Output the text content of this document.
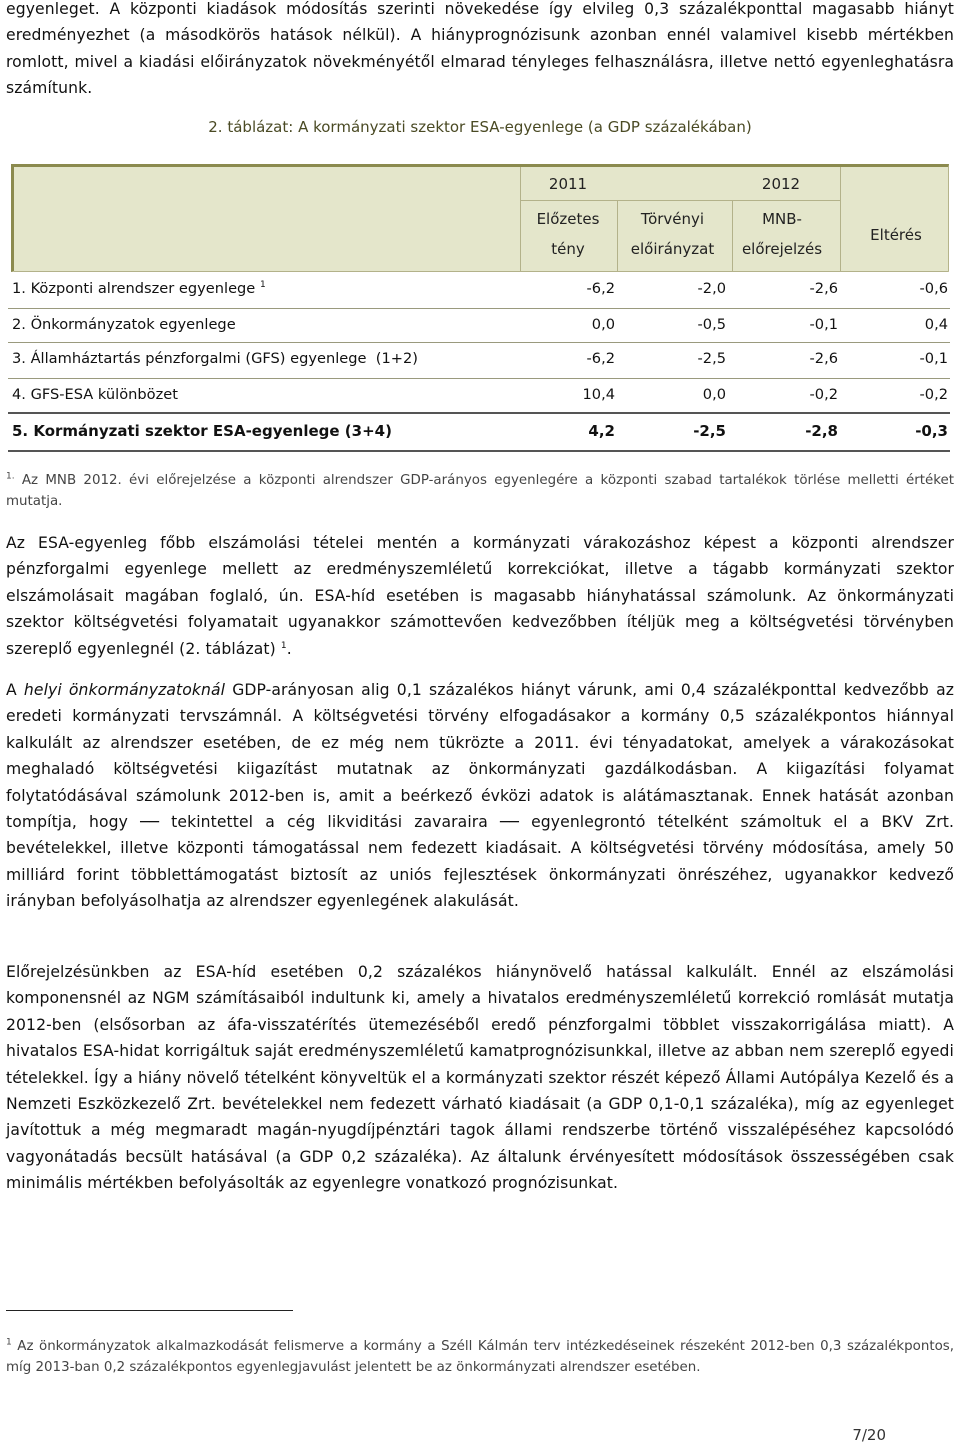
egyenleget. A központi kiadások módosítás szerinti növekedése így elvileg 0,3 százalékponttal magasabb hiányt eredményezhet (a másodkörös hatások nélkül). A hiányprognózisunk azonban ennél valamivel kisebb mértékben romlott, mivel a kiadási előirányzatok növekményétől elmarad tényleges felhasználásra, illetve nettó egyenleghatásra számítunk.

2. táblázat: A kormányzati szektor ESA-egyenlege (a GDP százalékában)

2011	2012
Előzetes
tény
Törvényi
előirányzat
MNB-
előrejelzés
Eltérés
1. Központi alrendszer egyenlege $^1$	-6,2	-2,0	-2,6	-0,6
2. Önkormányzatok egyenlege	0,0	-0,5	-0,1	0,4
3. Államháztartás pénzforgalmi (GFS) egyenlege  (1+2)	-6,2	-2,5	-2,6	-0,1
4. GFS-ESA különbözet	10,4	0,0	-0,2	-0,2
5. Kormányzati szektor ESA-egyenlege (3+4)	4,2	-2,5	-2,8	-0,3

$^{1.}$ Az MNB 2012. évi előrejelzése a központi alrendszer GDP-arányos egyenlegére a központi szabad tartalékok törlése melletti értéket mutatja.

Az ESA-egyenleg főbb elszámolási tételei mentén a kormányzati várakozáshoz képest a központi alrendszer pénzforgalmi egyenlege mellett az eredményszemléletű korrekciókat, illetve a tágabb kormányzati szektor elszámolásait magában foglaló, ún. ESA-híd esetében is magasabb hiányhatással számolunk. Az önkormányzati szektor költségvetési folyamatait ugyanakkor számottevően kedvezőbben ítéljük meg a költségvetési törvényben szereplő egyenlegnél (2. táblázat) $^1$.

A helyi önkormányzatoknál GDP-arányosan alig 0,1 százalékos hiányt várunk, ami 0,4 százalékponttal kedvezőbb az eredeti kormányzati tervszámnál. A költségvetési törvény elfogadásakor a kormány 0,5 százalékpontos hiánnyal kalkulált az alrendszer esetében, de ez még nem tükrözte a 2011. évi tényadatokat, amelyek a várakozásokat meghaladó költségvetési kiigazítást mutatnak az önkormányzati gazdálkodásban. A kiigazítási folyamat folytatódásával számolunk 2012-ben is, amit a beérkező évközi adatok is alátámasztanak. Ennek hatását azonban tompítja, hogy ── tekintettel a cég likviditási zavaraira ── egyenlegrontó tételként számoltuk el a BKV Zrt. bevételekkel, illetve központi támogatással nem fedezett kiadásait. A költségvetési törvény módosítása, amely 50 milliárd forint többlettámogatást biztosít az uniós fejlesztések önkormányzati önrészéhez, ugyanakkor kedvező irányban befolyásolhatja az alrendszer egyenlegének alakulását.

Előrejelzésünkben az ESA-híd esetében 0,2 százalékos hiánynövelő hatással kalkulált. Ennél az elszámolási komponensnél az NGM számításaiból indultunk ki, amely a hivatalos eredményszemléletű korrekció romlását mutatja 2012-ben (elsősorban az áfa-visszatérítés ütemezéséből eredő pénzforgalmi többlet visszakorrigálása miatt). A hivatalos ESA-hidat korrigáltuk saját eredményszemléletű kamatprognózisunkkal, illetve az abban nem szereplő egyedi tételekkel. Így a hiány növelő tételként könyveltük el a kormányzati szektor részét képező Állami Autópálya Kezelő és a Nemzeti Eszközkezelő Zrt. bevételekkel nem fedezett várható kiadásait (a GDP 0,1-0,1 százaléka), míg az egyenleget javítottuk a még megmaradt magán-nyugdíjpénztári tagok állami rendszerbe történő visszalépéséhez kapcsolódó vagyonátadás becsült hatásával (a GDP 0,2 százaléka). Az általunk érvényesített módosítások összességében csak minimális mértékben befolyásolták az egyenlegre vonatkozó prognózisunkat.

$^1$ Az önkormányzatok alkalmazkodását felismerve a kormány a Széll Kálmán terv intézkedéseinek részeként 2012-ben 0,3 százalékpontos, míg 2013-ban 0,2 százalékpontos egyenlegjavulást jelentett be az önkormányzati alrendszer esetében.

7/20
